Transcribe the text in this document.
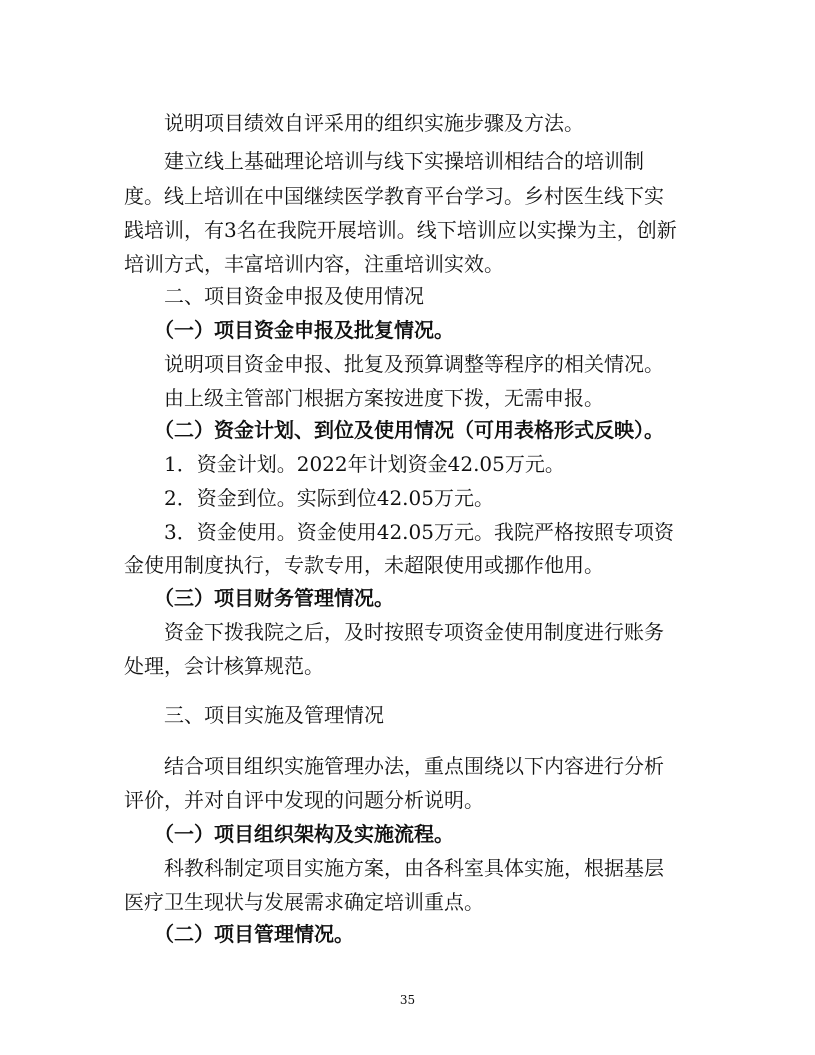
说明项目绩效自评采用的组织实施步骤及方法。
建立线上基础理论培训与线下实操培训相结合的培训制
度。线上培训在中国继续医学教育平台学习。乡村医生线下实
践培训，有3名在我院开展培训。线下培训应以实操为主，创新
培训方式，丰富培训内容，注重培训实效。
二、项目资金申报及使用情况
（一）项目资金申报及批复情况。
说明项目资金申报、批复及预算调整等程序的相关情况。
由上级主管部门根据方案按进度下拨，无需申报。
（二）资金计划、到位及使用情况（可用表格形式反映）。
1．资金计划。2022年计划资金42.05万元。
2．资金到位。实际到位42.05万元。
3．资金使用。资金使用42.05万元。我院严格按照专项资
金使用制度执行，专款专用，未超限使用或挪作他用。
（三）项目财务管理情况。
资金下拨我院之后，及时按照专项资金使用制度进行账务
处理，会计核算规范。
三、项目实施及管理情况
结合项目组织实施管理办法，重点围绕以下内容进行分析
评价，并对自评中发现的问题分析说明。
（一）项目组织架构及实施流程。
科教科制定项目实施方案，由各科室具体实施，根据基层
医疗卫生现状与发展需求确定培训重点。
（二）项目管理情况。
35
